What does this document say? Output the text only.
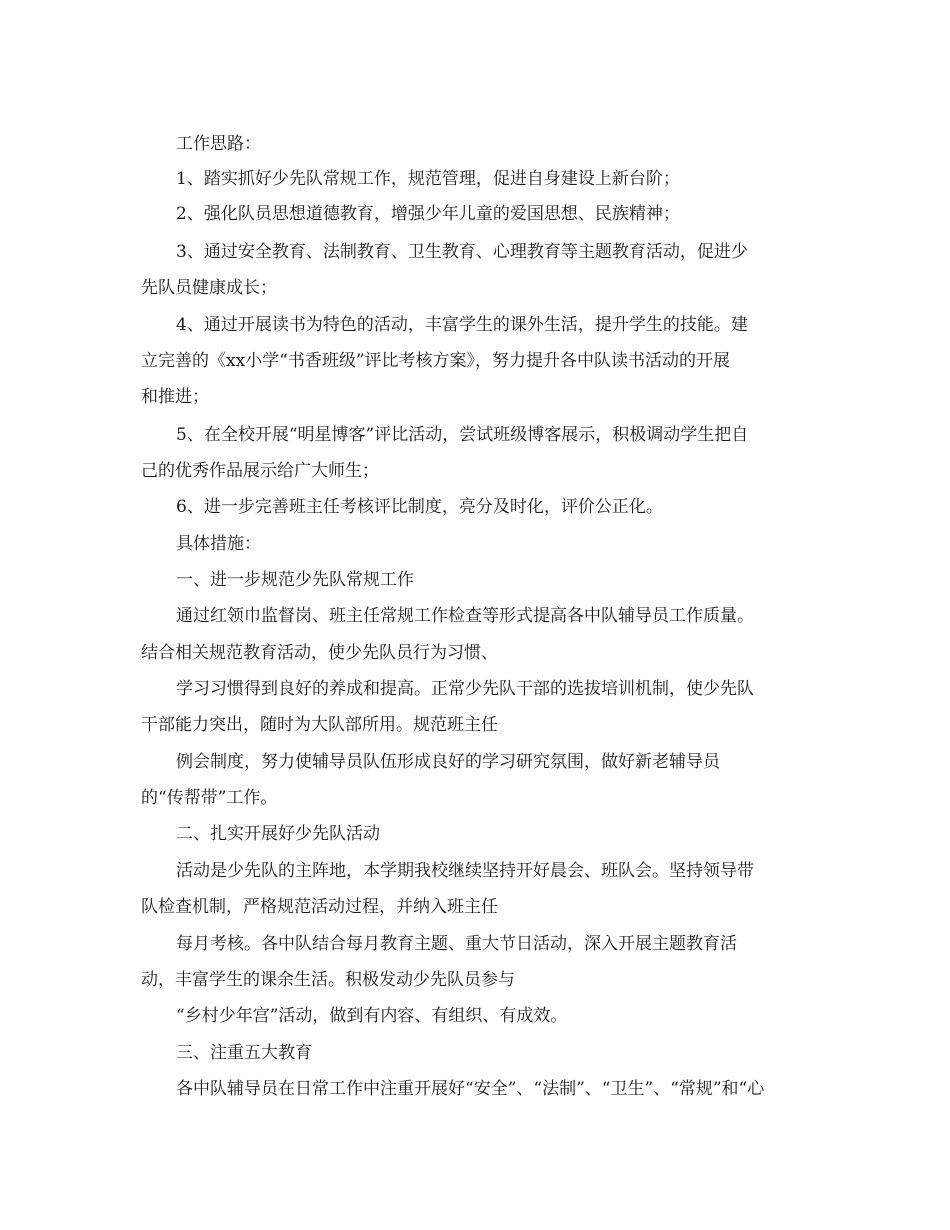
工作思路：
1、踏实抓好少先队常规工作，规范管理，促进自身建设上新台阶；
2、强化队员思想道德教育，增强少年儿童的爱国思想、民族精神；
3、通过安全教育、法制教育、卫生教育、心理教育等主题教育活动，促进少
先队员健康成长；
4、通过开展读书为特色的活动，丰富学生的课外生活，提升学生的技能。建
立完善的《xx小学“书香班级”评比考核方案》，努力提升各中队读书活动的开展
和推进；
5、在全校开展“明星博客”评比活动，尝试班级博客展示，积极调动学生把自
己的优秀作品展示给广大师生；
6、进一步完善班主任考核评比制度，亮分及时化，评价公正化。
具体措施：
一、进一步规范少先队常规工作
通过红领巾监督岗、班主任常规工作检查等形式提高各中队辅导员工作质量。
结合相关规范教育活动，使少先队员行为习惯、
学习习惯得到良好的养成和提高。正常少先队干部的选拔培训机制，使少先队
干部能力突出，随时为大队部所用。规范班主任
例会制度，努力使辅导员队伍形成良好的学习研究氛围，做好新老辅导员
的“传帮带”工作。
二、扎实开展好少先队活动
活动是少先队的主阵地，本学期我校继续坚持开好晨会、班队会。坚持领导带
队检查机制，严格规范活动过程，并纳入班主任
每月考核。各中队结合每月教育主题、重大节日活动，深入开展主题教育活
动，丰富学生的课余生活。积极发动少先队员参与
“乡村少年宫”活动，做到有内容、有组织、有成效。
三、注重五大教育
各中队辅导员在日常工作中注重开展好“安全”、“法制”、“卫生”、“常规”和“心
